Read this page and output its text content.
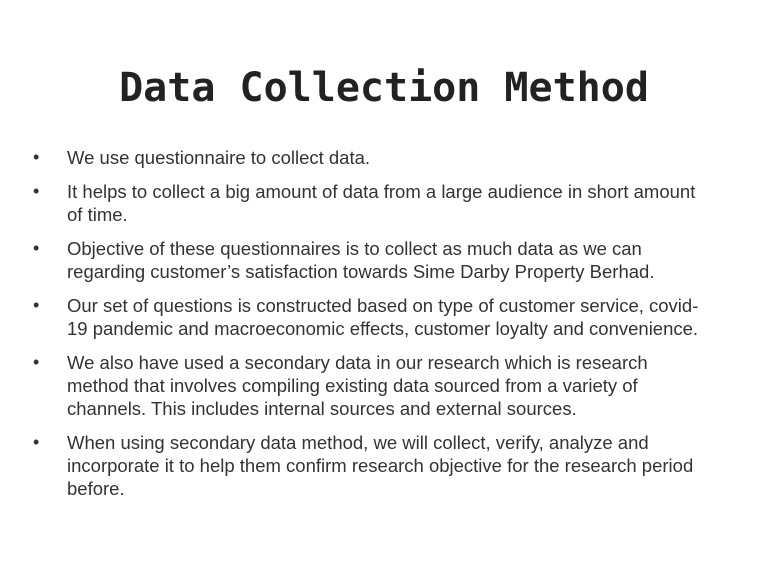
Data Collection Method
•	We use questionnaire to collect data.
•	It helps to collect a big amount of data from a large audience in short amount of time.
•	Objective of these questionnaires is to collect as much data as we can regarding customer’s satisfaction towards Sime Darby Property Berhad.
•	Our set of questions is constructed based on type of customer service, covid-19 pandemic and macroeconomic effects, customer loyalty and convenience.
•	We also have used a secondary data in our research which is research method that involves compiling existing data sourced from a variety of channels. This includes internal sources and external sources.
•	When using secondary data method, we will collect, verify, analyze and incorporate it to help them confirm research objective for the research period before.
